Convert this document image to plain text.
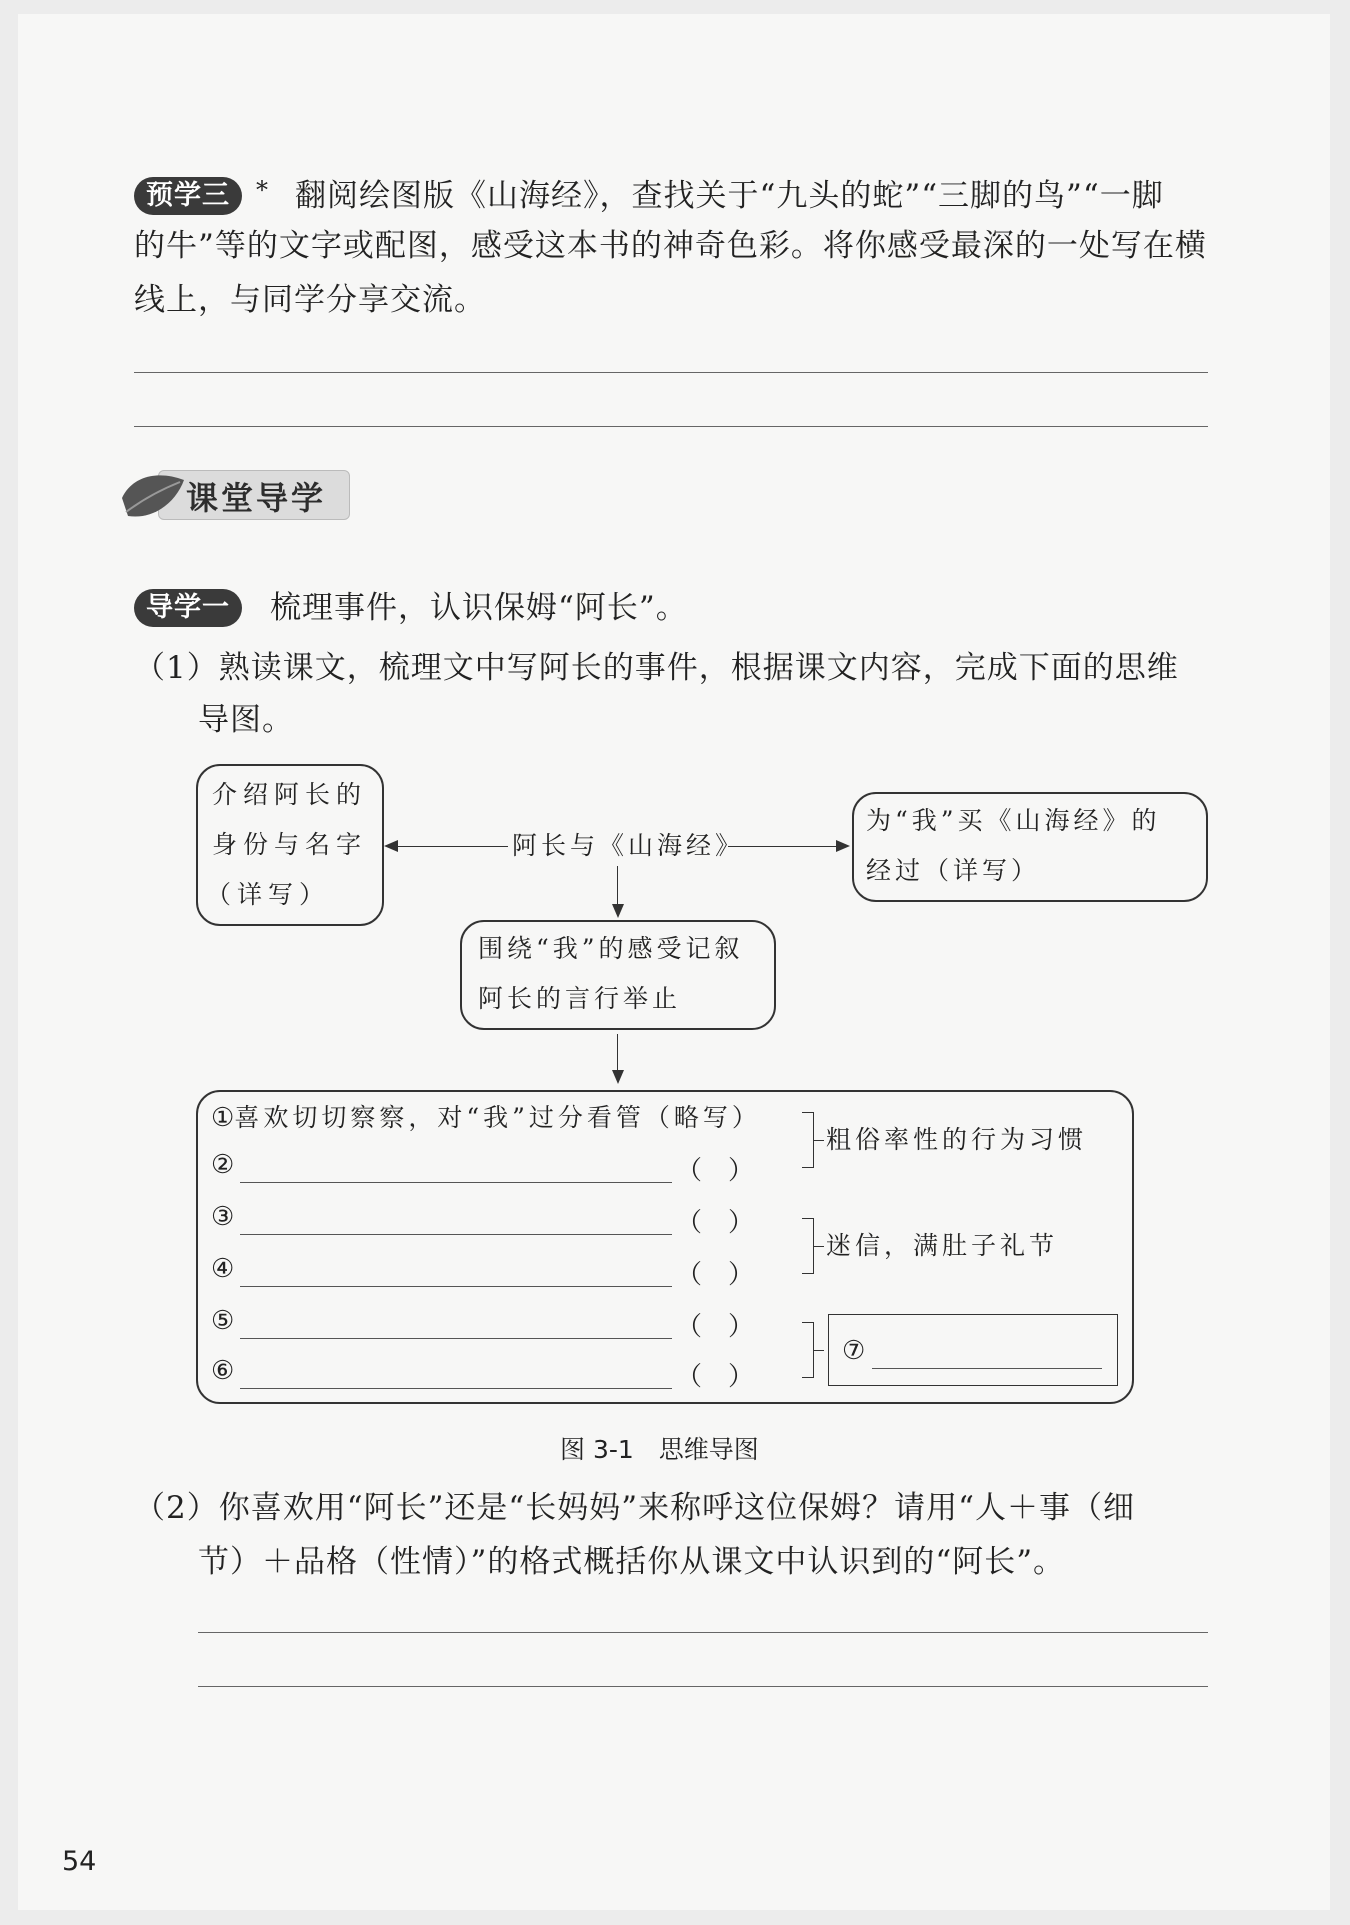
预学三 * 翻阅绘图版《山海经》，查找关于“九头的蛇”“三脚的鸟”“一脚
的牛”等的文字或配图，感受这本书的神奇色彩。将你感受最深的一处写在横
线上，与同学分享交流。
课堂导学
导学一 梳理事件，认识保姆“阿长”。
（1）熟读课文，梳理文中写阿长的事件，根据课文内容，完成下面的思维
导图。
介绍阿长的
身份与名字
（详写）
阿长与《山海经》
为“我”买《山海经》的
经过（详写）
围绕“我”的感受记叙
阿长的言行举止
①喜欢切切察察，对“我”过分看管（略写）
②	（　）
③	（　）
④	（　）
⑤	（　）
⑥	（　）
粗俗率性的行为习惯
迷信，满肚子礼节
⑦
图 3-1　思维导图
（2）你喜欢用“阿长”还是“长妈妈”来称呼这位保姆？请用“人＋事（细
节）＋品格（性情）”的格式概括你从课文中认识到的“阿长”。
54
